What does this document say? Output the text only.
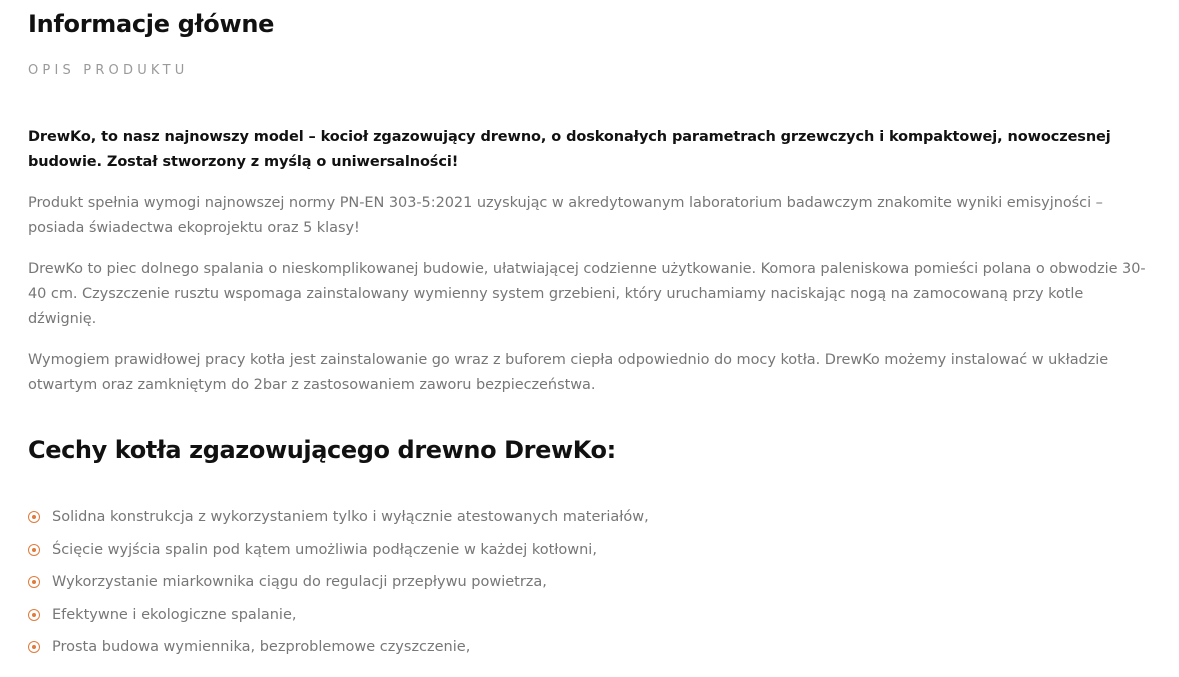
Informacje główne
OPIS PRODUKTU

DrewKo, to nasz najnowszy model – kocioł zgazowujący drewno, o doskonałych parametrach grzewczych i kompaktowej, nowoczesnej budowie. Został stworzony z myślą o uniwersalności!

Produkt spełnia wymogi najnowszej normy PN-EN 303-5:2021 uzyskując w akredytowanym laboratorium badawczym znakomite wyniki emisyjności – posiada świadectwa ekoprojektu oraz 5 klasy!

DrewKo to piec dolnego spalania o nieskomplikowanej budowie, ułatwiającej codzienne użytkowanie. Komora paleniskowa pomieści polana o obwodzie 30-40 cm. Czyszczenie rusztu wspomaga zainstalowany wymienny system grzebieni, który uruchamiamy naciskając nogą na zamocowaną przy kotle dźwignię.

Wymogiem prawidłowej pracy kotła jest zainstalowanie go wraz z buforem ciepła odpowiednio do mocy kotła. DrewKo możemy instalować w układzie otwartym oraz zamkniętym do 2bar z zastosowaniem zaworu bezpieczeństwa.

Cechy kotła zgazowującego drewno DrewKo:
Solidna konstrukcja z wykorzystaniem tylko i wyłącznie atestowanych materiałów,
Ścięcie wyjścia spalin pod kątem umożliwia podłączenie w każdej kotłowni,
Wykorzystanie miarkownika ciągu do regulacji przepływu powietrza,
Efektywne i ekologiczne spalanie,
Prosta budowa wymiennika, bezproblemowe czyszczenie,
